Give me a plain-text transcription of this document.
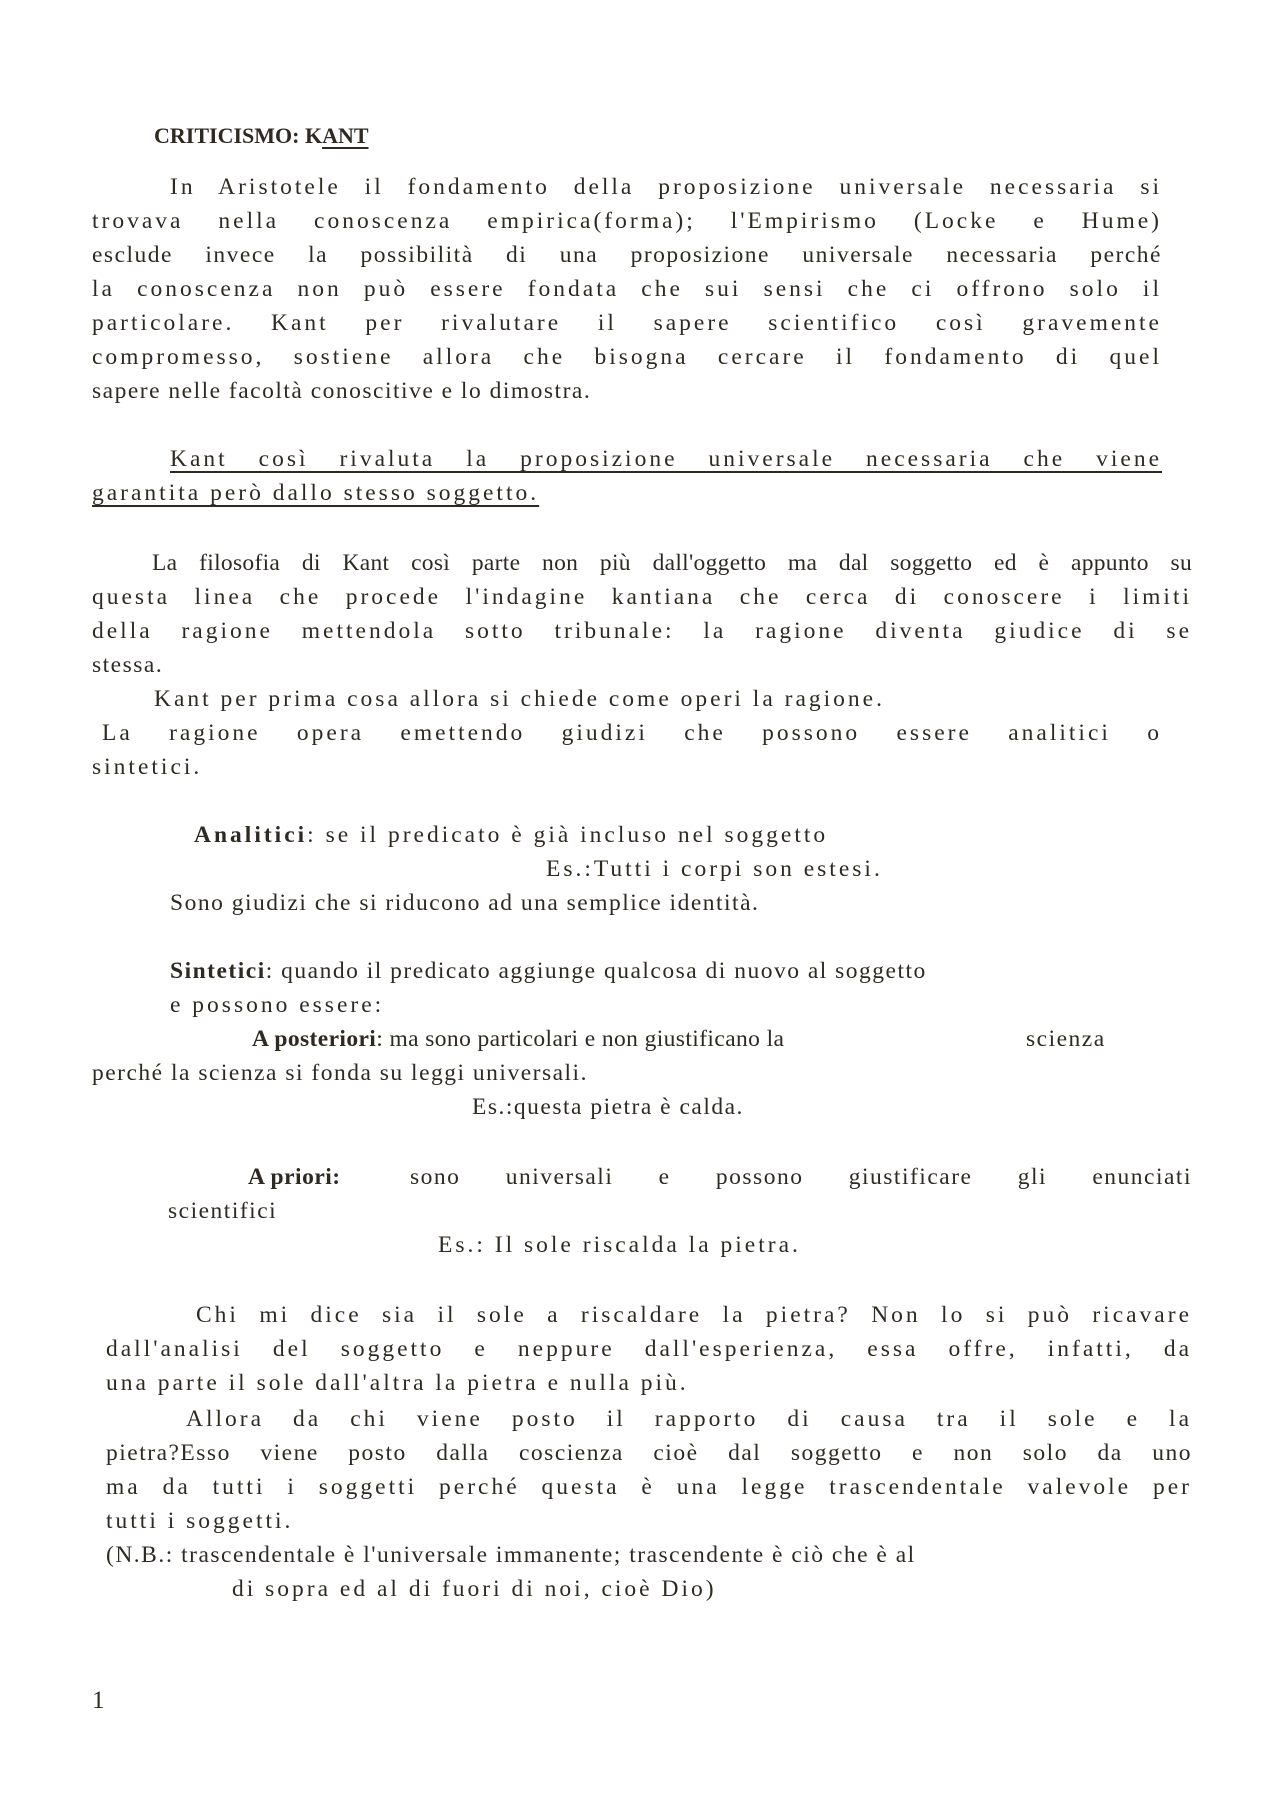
CRITICISMO: KANT
In Aristotele il fondamento della proposizione universale necessaria si
trovava nella conoscenza empirica(forma); l'Empirismo (Locke e Hume)
esclude invece la possibilità di una proposizione universale necessaria perché
la conoscenza non può essere fondata che sui sensi che ci offrono solo il
particolare. Kant per rivalutare il sapere scientifico così gravemente
compromesso, sostiene allora che bisogna cercare il fondamento di quel
sapere nelle facoltà conoscitive e lo dimostra.
Kant così rivaluta la proposizione universale necessaria che viene
garantita però dallo stesso soggetto.
La filosofia di Kant così parte non più dall'oggetto ma dal soggetto ed è appunto su
questa linea che procede l'indagine kantiana che cerca di conoscere i limiti
della ragione mettendola sotto tribunale: la ragione diventa giudice di se
stessa.
Kant per prima cosa allora si chiede come operi la ragione.
La ragione opera emettendo giudizi che possono essere analitici o
sintetici.
Analitici: se il predicato è già incluso nel soggetto
Es.:Tutti i corpi son estesi.
Sono giudizi che si riducono ad una semplice identità.
Sintetici: quando il predicato aggiunge qualcosa di nuovo al soggetto
e possono essere:
A posteriori: ma sono particolari e non giustificano la	scienza
perché la scienza si fonda su leggi universali.
Es.:questa pietra è calda.
A priori:	sono universali e possono giustificare gli enunciati
scientifici
Es.: Il sole riscalda la pietra.
Chi mi dice sia il sole a riscaldare la pietra? Non lo si può ricavare
dall'analisi del soggetto e neppure dall'esperienza, essa offre, infatti, da
una parte il sole dall'altra la pietra e nulla più.
Allora da chi viene posto il rapporto di causa tra il sole e la
pietra?Esso viene posto dalla coscienza cioè dal soggetto e non solo da uno
ma da tutti i soggetti perché questa è una legge trascendentale valevole per
tutti i soggetti.
(N.B.: trascendentale è l'universale immanente; trascendente è ciò che è al
di sopra ed al di fuori di noi, cioè Dio)
1
